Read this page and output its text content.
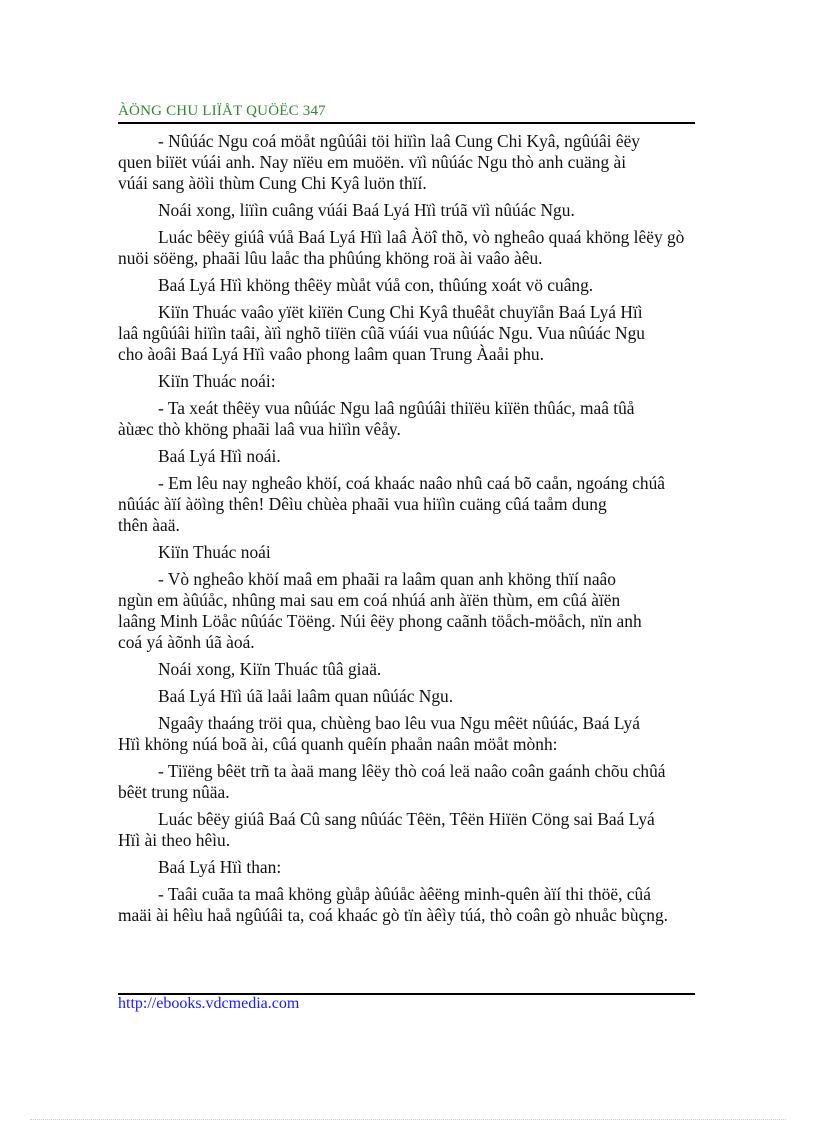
ÀÖNG CHU LIÏÅT QUÖËC 347

- Nûúác Ngu coá möåt ngûúâi töi hiïìn laâ Cung Chi Kyâ, ngûúâi êëy
quen biïët vúái anh. Nay nïëu em muöën. vïì nûúác Ngu thò anh cuäng ài
vúái sang àöìi thùm Cung Chi Kyâ luön thïí.

Noái xong, liïìn cuâng vúái Baá Lyá Hïì trúã vïì nûúác Ngu.

Luác bêëy giúâ vúå Baá Lyá Hïì laâ Àöî thõ, vò ngheâo quaá khöng lêëy gò
nuöi söëng, phaãi lûu laåc tha phûúng khöng roä ài vaâo àêu.

Baá Lyá Hïì khöng thêëy mùåt vúå con, thûúng xoát vö cuâng.

Kiïn Thuác vaâo yïët kiïën Cung Chi Kyâ thuêåt chuyïån Baá Lyá Hïì
laâ ngûúâi hiïìn taâi, àïì nghõ tiïën cûã vúái vua nûúác Ngu. Vua nûúác Ngu
cho àoâi Baá Lyá Hïì vaâo phong laâm quan Trung Àaåi phu.

Kiïn Thuác noái:

- Ta xeát thêëy vua nûúác Ngu laâ ngûúâi thiïëu kiïën thûác, maâ tûå
àùæc thò khöng phaãi laâ vua hiïìn vêåy.

Baá Lyá Hïì noái.

- Em lêu nay ngheâo khöí, coá khaác naâo nhû caá bõ caån, ngoáng chúâ
nûúác àïí àöìng thên! Dêìu chùèa phaãi vua hiïìn cuäng cûá taåm dung
thên àaä.

Kiïn Thuác noái

- Vò ngheâo khöí maâ em phaãi ra laâm quan anh khöng thïí naâo
ngùn em àûúåc, nhûng mai sau em coá nhúá anh àïën thùm, em cûá àïën
laâng Minh Löåc nûúác Töëng. Núi êëy phong caãnh töåch-möåch, nïn anh
coá yá àõnh úã àoá.

Noái xong, Kiïn Thuác tûâ giaä.

Baá Lyá Hïì úã laåi laâm quan nûúác Ngu.

Ngaây thaáng tröi qua, chùèng bao lêu vua Ngu mêët nûúác, Baá Lyá
Hïì khöng núá boã ài, cûá quanh quêín phaån naân möåt mònh:

- Tiïëng bêët trñ ta àaä mang lêëy thò coá leä naâo coân gaánh chõu chûá
bêët trung nûäa.

Luác bêëy giúâ Baá Cû sang nûúác Têën, Têën Hiïën Cöng sai Baá Lyá
Hïì ài theo hêìu.

Baá Lyá Hïì than:

- Taâi cuãa ta maâ khöng gùåp àûúåc àêëng minh-quên àïí thi thöë, cûá
maäi ài hêìu haå ngûúâi ta, coá khaác gò tïn àêìy túá, thò coân gò nhuåc bùçng.

http://ebooks.vdcmedia.com
